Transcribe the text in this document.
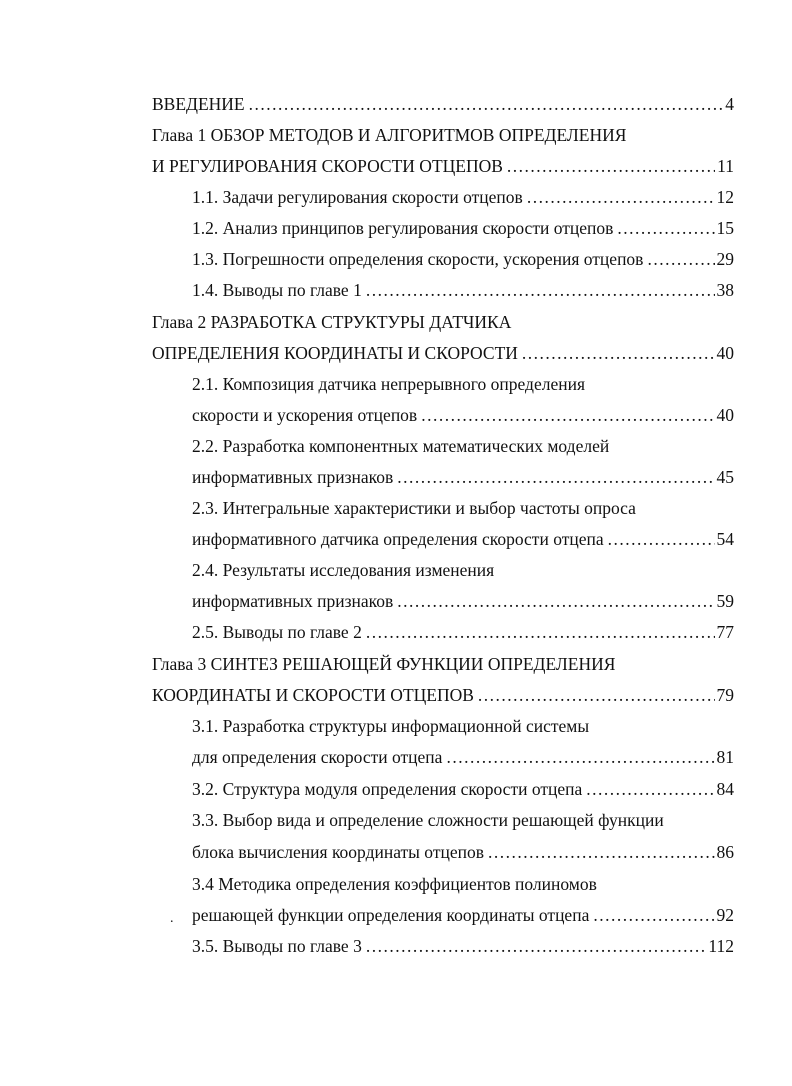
ВВЕДЕНИЕ .....	4
Глава 1 ОБЗОР МЕТОДОВ И АЛГОРИТМОВ ОПРЕДЕЛЕНИЯ
И РЕГУЛИРОВАНИЯ СКОРОСТИ ОТЦЕПОВ .....	11
1.1. Задачи регулирования скорости отцепов .....	12
1.2. Анализ принципов регулирования скорости отцепов .....	15
1.3. Погрешности определения скорости, ускорения отцепов .....	29
1.4. Выводы по главе 1 .....	38
Глава 2 РАЗРАБОТКА СТРУКТУРЫ ДАТЧИКА
ОПРЕДЕЛЕНИЯ КООРДИНАТЫ И СКОРОСТИ .....	40
2.1. Композиция датчика непрерывного определения
скорости и ускорения отцепов .....	40
2.2. Разработка компонентных математических моделей
информативных признаков .....	45
2.3. Интегральные характеристики и выбор частоты опроса
информативного датчика определения скорости отцепа .....	54
2.4. Результаты исследования изменения
информативных признаков .....	59
2.5. Выводы по главе 2 .....	77
Глава 3 СИНТЕЗ РЕШАЮЩЕЙ ФУНКЦИИ ОПРЕДЕЛЕНИЯ
КООРДИНАТЫ И СКОРОСТИ ОТЦЕПОВ .....	79
3.1. Разработка структуры информационной системы
для определения скорости отцепа .....	81
3.2. Структура модуля определения скорости отцепа .....	84
3.3. Выбор вида и определение сложности решающей функции
блока вычисления координаты отцепов .....	86
3.4 Методика определения коэффициентов полиномов
. решающей функции определения координаты отцепа .....	92
3.5. Выводы по главе 3 .....	112
